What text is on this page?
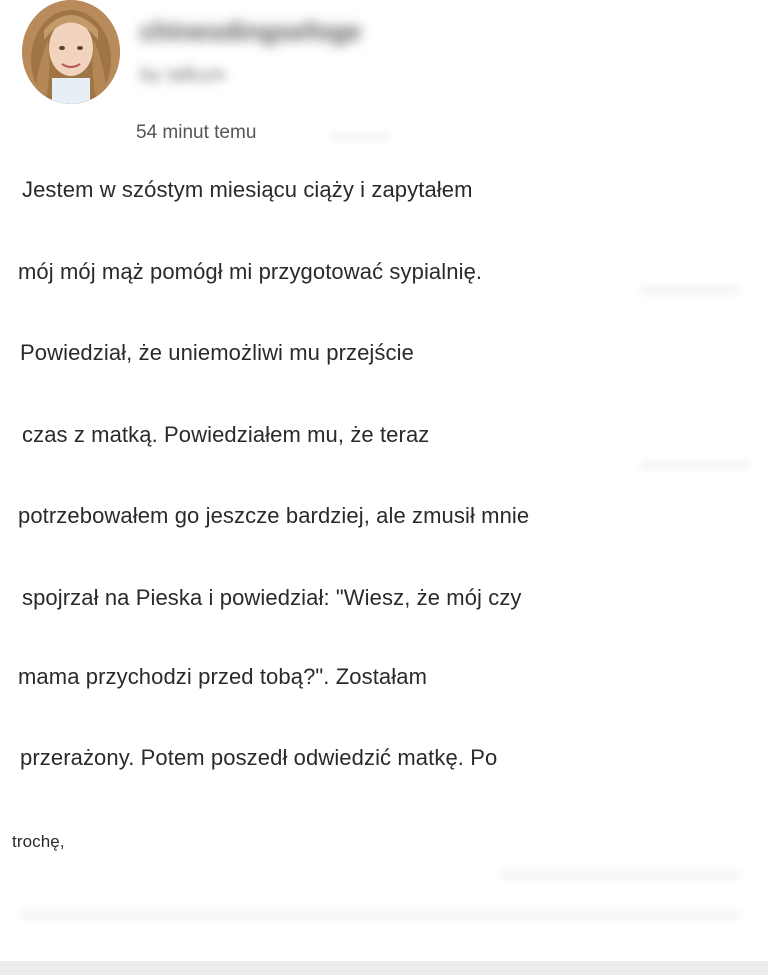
chinesdingsefoge
by talkum
54 minut temu
Jestem w szóstym miesiącu ciąży i zapytałem
mój mój mąż pomógł mi przygotować sypialnię.
Powiedział, że uniemożliwi mu przejście
czas z matką. Powiedziałem mu, że teraz
potrzebowałem go jeszcze bardziej, ale zmusił mnie
spojrzał na Pieska i powiedział: "Wiesz, że mój czy
mama przychodzi przed tobą?". Zostałam
przerażony. Potem poszedł odwiedzić matkę. Po
trochę,
